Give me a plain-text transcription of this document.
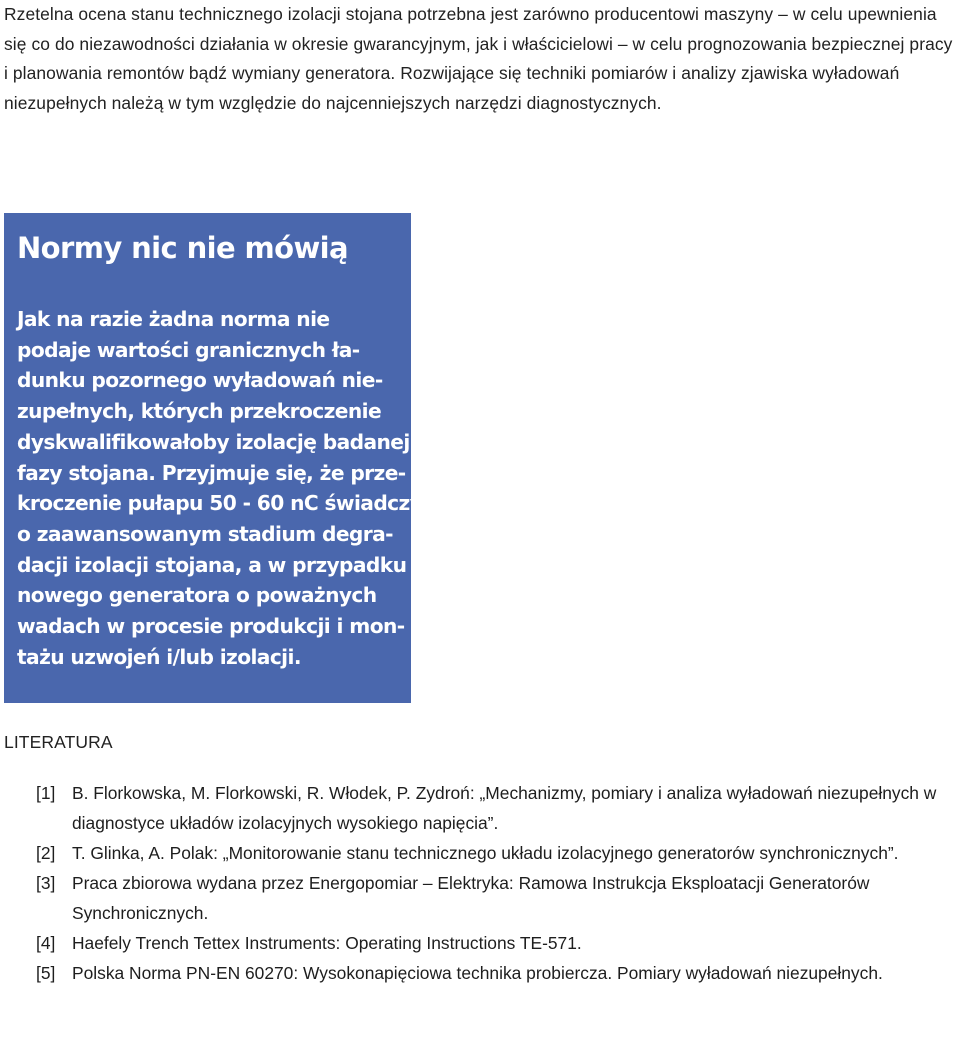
Rzetelna ocena stanu technicznego izolacji stojana potrzebna jest zarówno producentowi maszyny – w celu upewnienia się co do niezawodności działania w okresie gwarancyjnym, jak i właścicielowi – w celu prognozowania bezpiecznej pracy i planowania remontów bądź wymiany generatora. Rozwijające się techniki pomiarów i analizy zjawiska wyładowań niezupełnych należą w tym względzie do najcenniejszych narzędzi diagnostycznych.

Normy nic nie mówią
Jak na razie żadna norma nie
podaje wartości granicznych ła-
dunku pozornego wyładowań nie-
zupełnych, których przekroczenie
dyskwalifikowałoby izolację badanej
fazy stojana. Przyjmuje się, że prze-
kroczenie pułapu 50 - 60 nC świadczy
o zaawansowanym stadium degra-
dacji izolacji stojana, a w przypadku
nowego generatora o poważnych
wadach w procesie produkcji i mon-
tażu uzwojeń i/lub izolacji.
LITERATURA
[1] B. Florkowska, M. Florkowski, R. Włodek, P. Zydroń: „Mechanizmy, pomiary i analiza wyładowań niezupełnych w diagnostyce układów izolacyjnych wysokiego napięcia”.
[2] T. Glinka, A. Polak: „Monitorowanie stanu technicznego układu izolacyjnego generatorów synchronicznych”.
[3] Praca zbiorowa wydana przez Energopomiar – Elektryka: Ramowa Instrukcja Eksploatacji Generatorów Synchronicznych.
[4] Haefely Trench Tettex Instruments: Operating Instructions TE-571.
[5] Polska Norma PN-EN 60270: Wysokonapięciowa technika probiercza. Pomiary wyładowań niezupełnych.
